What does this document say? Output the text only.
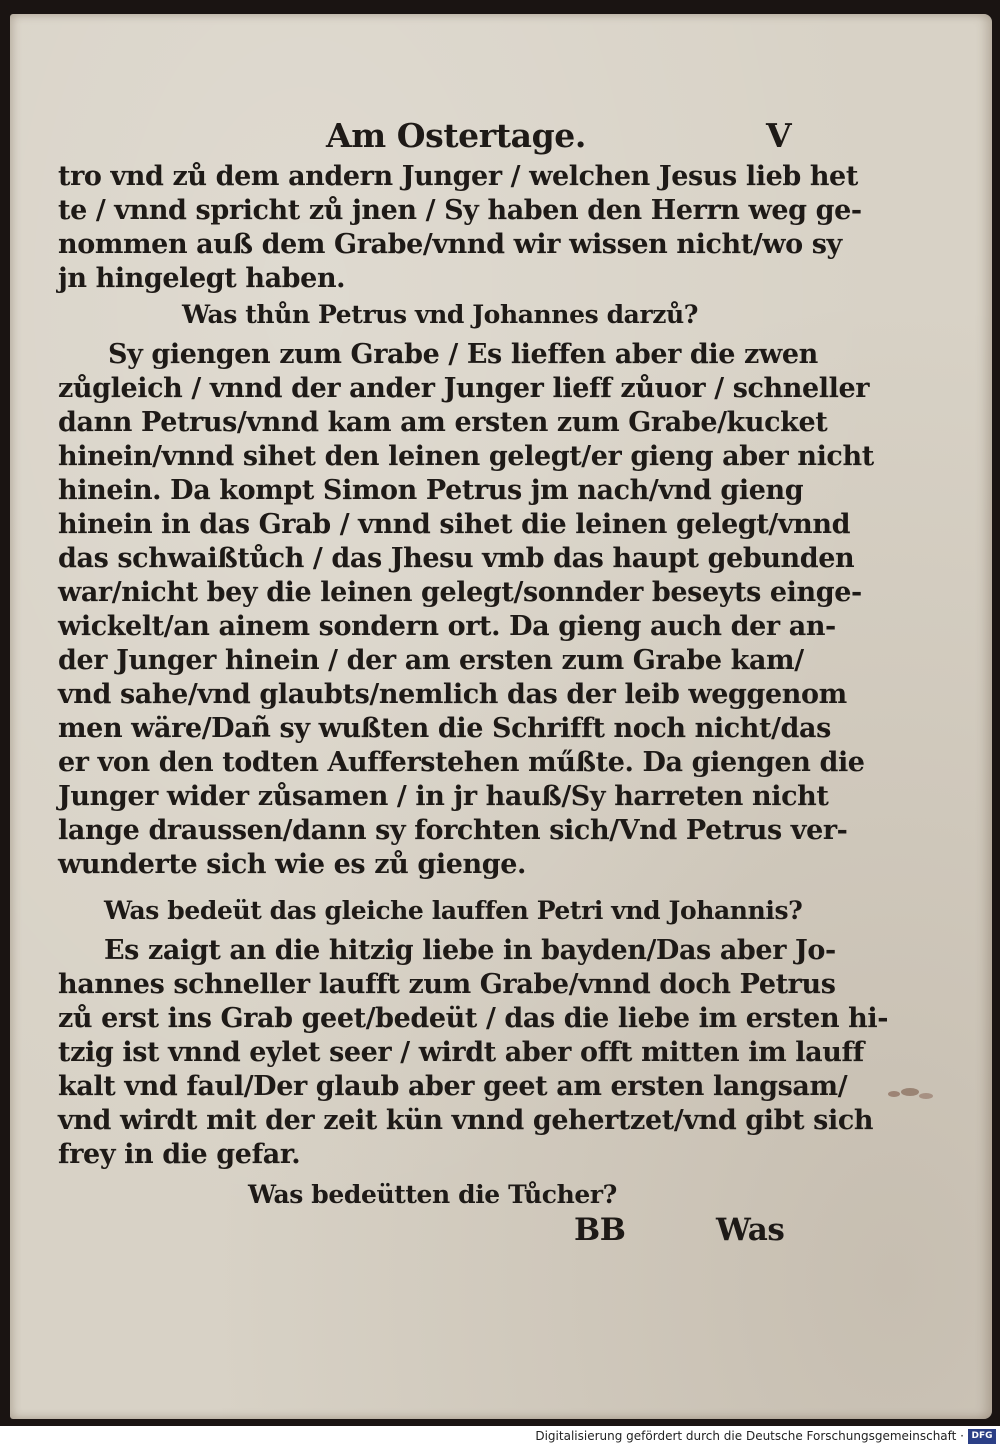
Am Ostertage.	V
tro vnd zů dem andern Junger / welchen Jesus lieb het
te / vnnd spricht zů jnen / Sy haben den Herrn weg ge-
nommen auß dem Grabe/vnnd wir wissen nicht/wo sy
jn hingelegt haben.
Was thůn Petrus vnd Johannes darzů?
Sy giengen zum Grabe / Es lieffen aber die zwen
zůgleich / vnnd der ander Junger lieff zůuor / schneller
dann Petrus/vnnd kam am ersten zum Grabe/kucket
hinein/vnnd sihet den leinen gelegt/er gieng aber nicht
hinein. Da kompt Simon Petrus jm nach/vnd gieng
hinein in das Grab / vnnd sihet die leinen gelegt/vnnd
das schwaißtůch / das Jhesu vmb das haupt gebunden
war/nicht bey die leinen gelegt/sonnder beseyts einge-
wickelt/an ainem sondern ort. Da gieng auch der an-
der Junger hinein / der am ersten zum Grabe kam/
vnd sahe/vnd glaubts/nemlich das der leib weggenom
men wäre/Dañ sy wußten die Schrifft noch nicht/das
er von den todten Aufferstehen műßte. Da giengen die
Junger wider zůsamen / in jr hauß/Sy harreten nicht
lange draussen/dann sy forchten sich/Vnd Petrus ver-
wunderte sich wie es zů gienge.
Was bedeüt das gleiche lauffen Petri vnd Johannis?
Es zaigt an die hitzig liebe in bayden/Das aber Jo-
hannes schneller laufft zum Grabe/vnnd doch Petrus
zů erst ins Grab geet/bedeüt / das die liebe im ersten hi-
tzig ist vnnd eylet seer / wirdt aber offt mitten im lauff
kalt vnd faul/Der glaub aber geet am ersten langsam/
vnd wirdt mit der zeit kün vnnd gehertzet/vnd gibt sich
frey in die gefar.
Was bedeütten die Tůcher?
BB	Was
Digitalisierung gefördert durch die Deutsche Forschungsgemeinschaft · DFG
